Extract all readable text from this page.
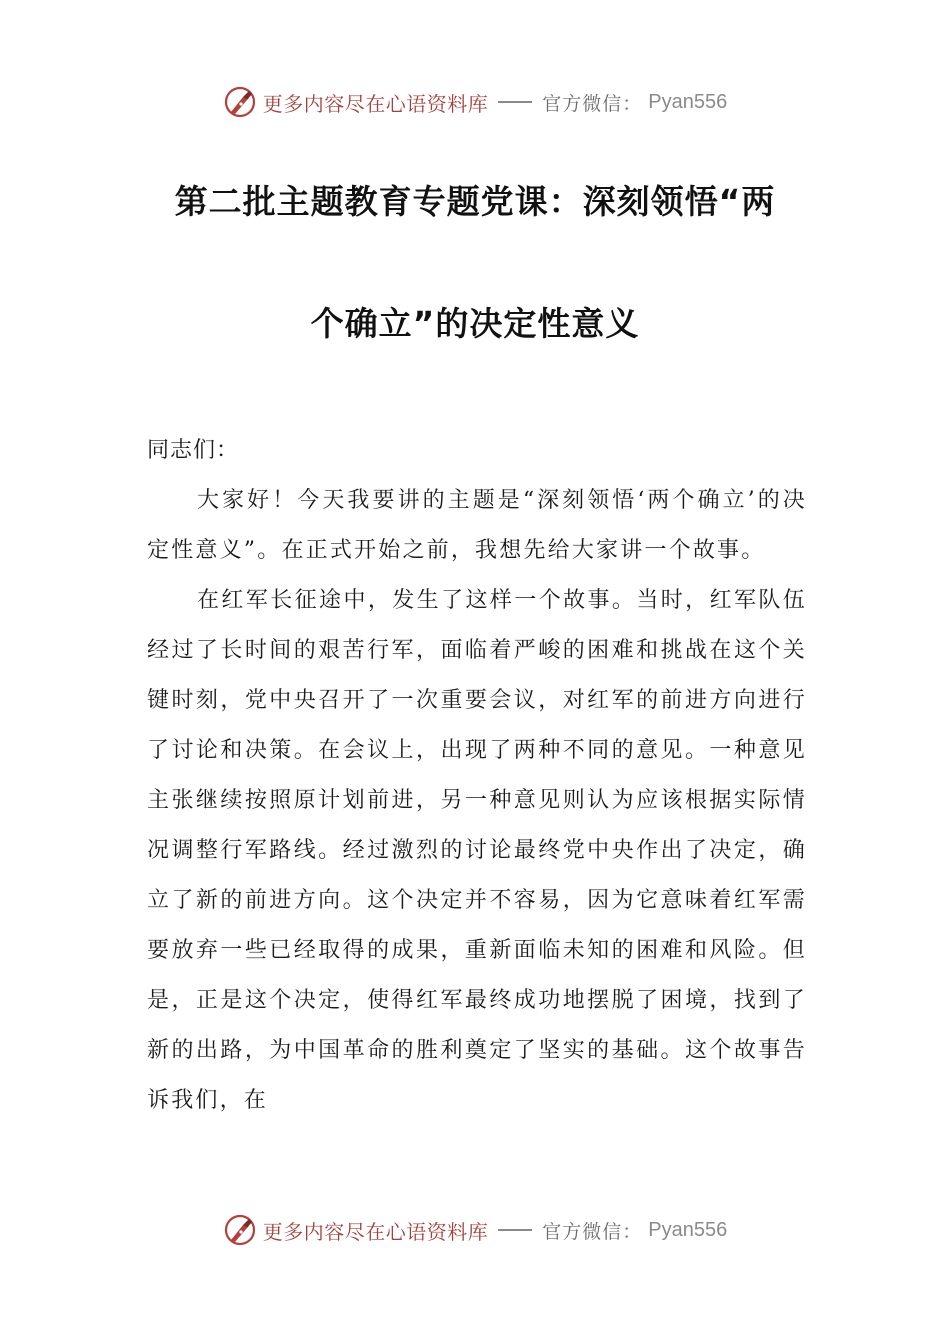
更多内容尽在心语资料库	官方微信： Pyan556
第二批主题教育专题党课：深刻领悟“两
个确立”的决定性意义

同志们：

大家好！今天我要讲的主题是“深刻领悟‘两个确立’的决定性意义”。在正式开始之前，我想先给大家讲一个故事。

在红军长征途中，发生了这样一个故事。当时，红军队伍经过了长时间的艰苦行军，面临着严峻的困难和挑战在这个关键时刻，党中央召开了一次重要会议，对红军的前进方向进行了讨论和决策。在会议上，出现了两种不同的意见。一种意见主张继续按照原计划前进，另一种意见则认为应该根据实际情况调整行军路线。经过激烈的讨论最终党中央作出了决定，确立了新的前进方向。这个决定并不容易，因为它意味着红军需要放弃一些已经取得的成果，重新面临未知的困难和风险。但是，正是这个决定，使得红军最终成功地摆脱了困境，找到了新的出路，为中国革命的胜利奠定了坚实的基础。这个故事告诉我们，在

更多内容尽在心语资料库	官方微信： Pyan556
